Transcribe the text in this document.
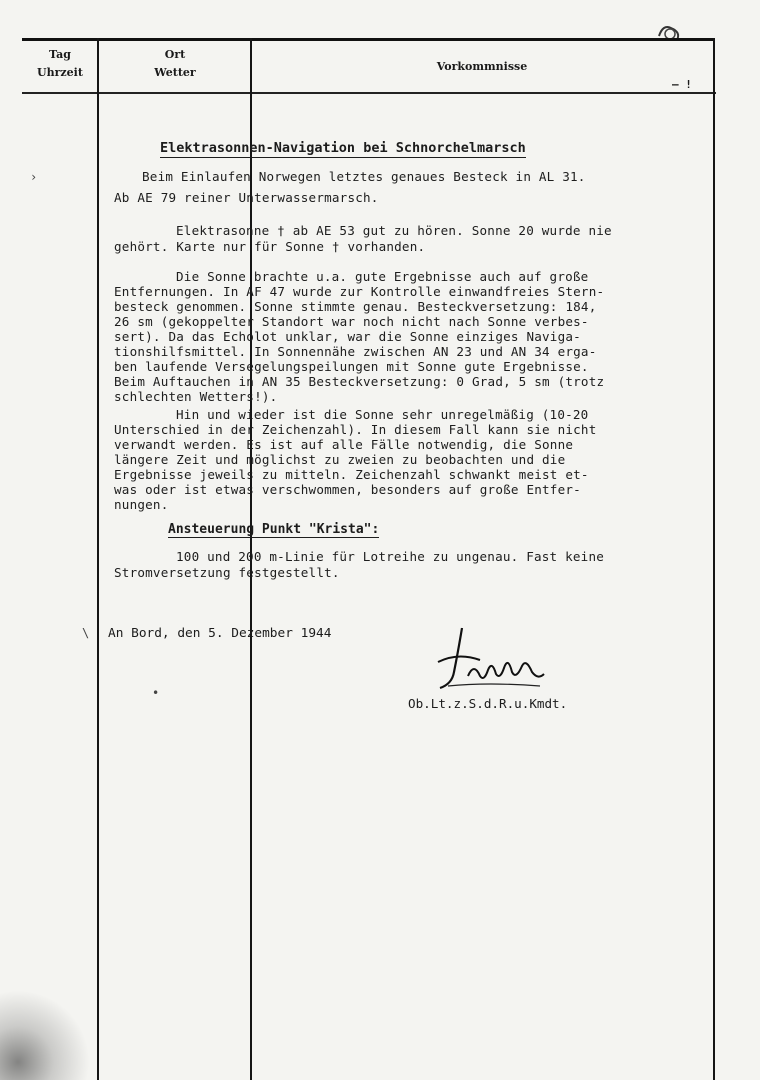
Tag
Uhrzeit
Ort
Wetter	Vorkommnisse
— !
Elektrasonnen-Navigation bei Schnorchelmarsch
Beim Einlaufen Norwegen letztes genaues Besteck in AL 31.
Ab AE 79 reiner Unterwassermarsch.
Elektrasonne † ab AE 53 gut zu hören. Sonne 20 wurde nie
gehört. Karte nur für Sonne † vorhanden.
Die Sonne brachte u.a. gute Ergebnisse auch auf große
Entfernungen. In AF 47 wurde zur Kontrolle einwandfreies Stern-
besteck genommen. Sonne stimmte genau. Besteckversetzung: 184,
26 sm (gekoppelter Standort war noch nicht nach Sonne verbes-
sert). Da das Echolot unklar, war die Sonne einziges Naviga-
tionshilfsmittel. In Sonnennähe zwischen AN 23 und AN 34 erga-
ben laufende Versegelungspeilungen mit Sonne gute Ergebnisse.
Beim Auftauchen in AN 35 Besteckversetzung: 0 Grad, 5 sm (trotz
schlechten Wetters!).
Hin und wieder ist die Sonne sehr unregelmäßig (10-20
Unterschied in der Zeichenzahl). In diesem Fall kann sie nicht
verwandt werden. Es ist auf alle Fälle notwendig, die Sonne
längere Zeit und möglichst zu zweien zu beobachten und die
Ergebnisse jeweils zu mitteln. Zeichenzahl schwankt meist et-
was oder ist etwas verschwommen, besonders auf große Entfer-
nungen.
Ansteuerung Punkt "Krista":
100 und 200 m-Linie für Lotreihe zu ungenau. Fast keine
Stromversetzung festgestellt.
An Bord, den 5. Dezember 1944
Ob.Lt.z.S.d.R.u.Kmdt.
›
\
•
